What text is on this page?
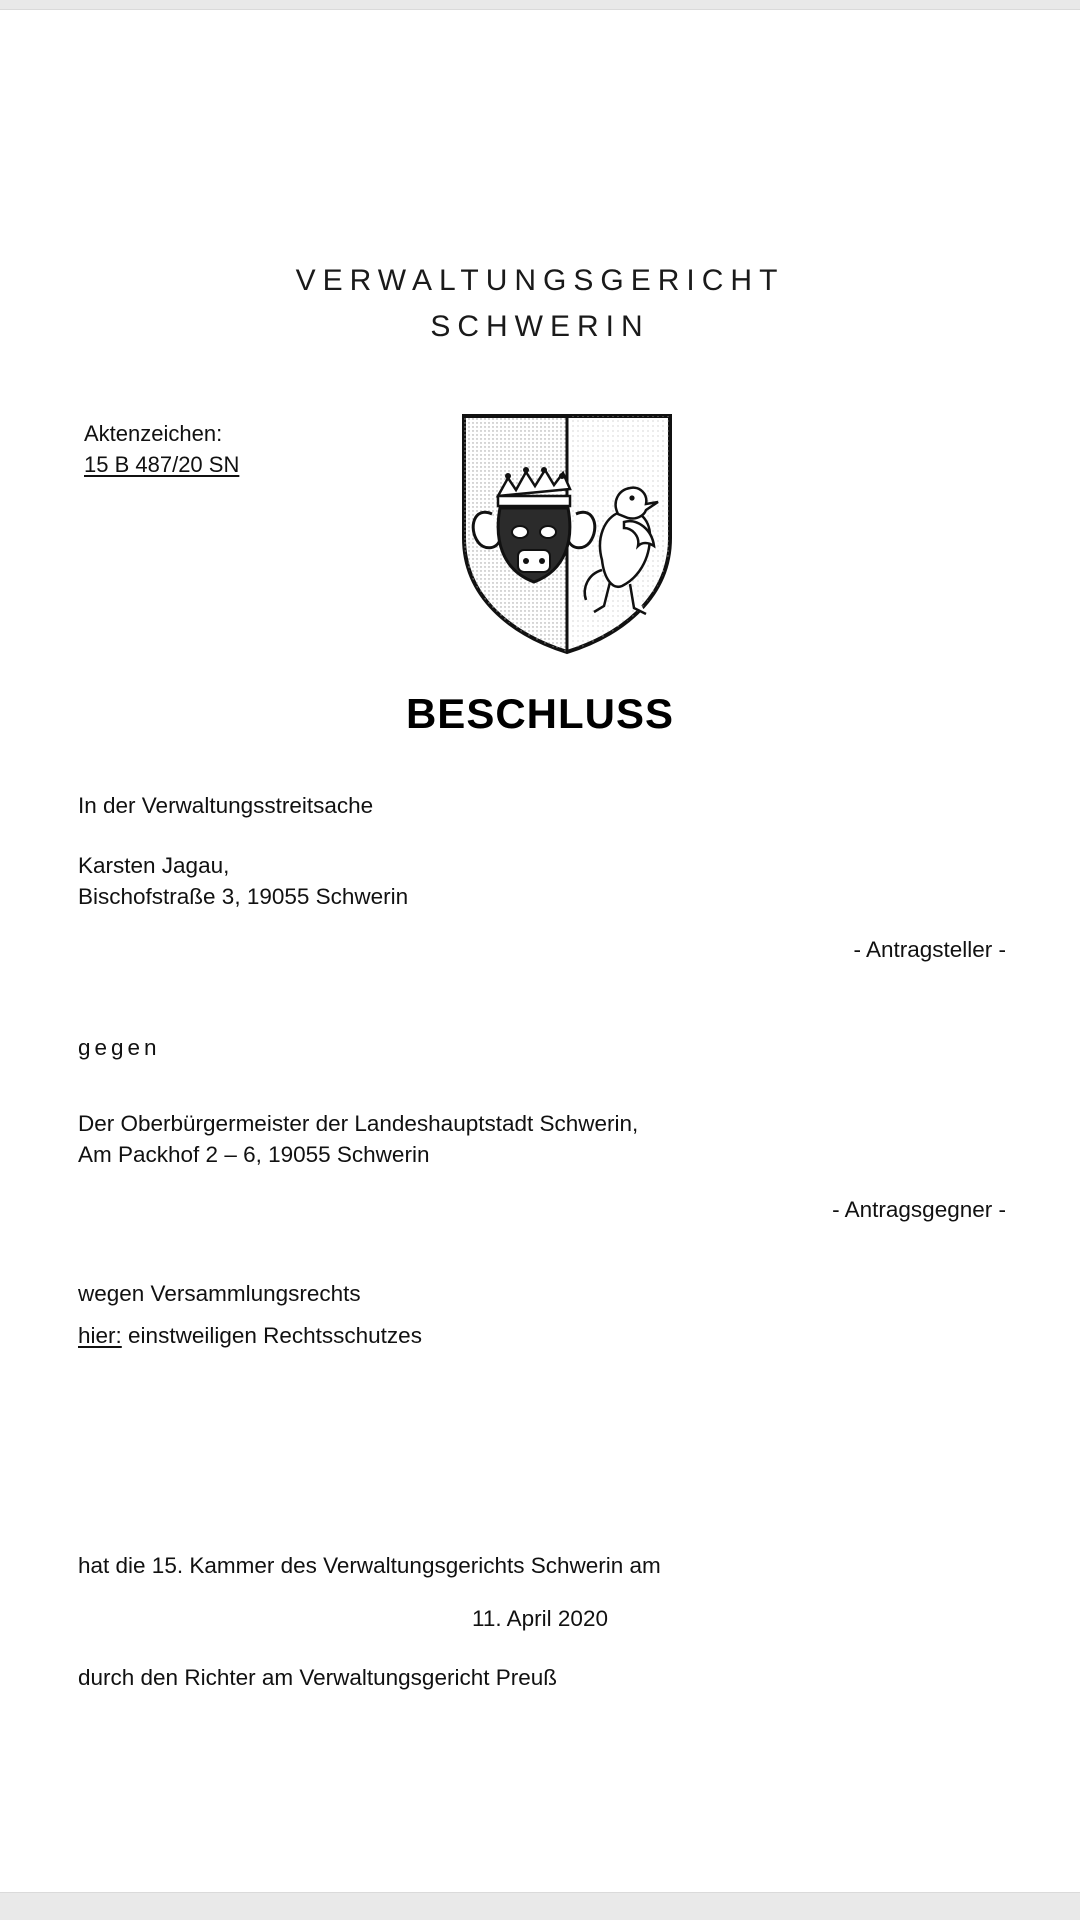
VERWALTUNGSGERICHT
SCHWERIN
Aktenzeichen:
15 B 487/20 SN
BESCHLUSS
In der Verwaltungsstreitsache
Karsten Jagau,
Bischofstraße 3, 19055 Schwerin
- Antragsteller -
gegen
Der Oberbürgermeister der Landeshauptstadt Schwerin,
Am Packhof 2 – 6, 19055 Schwerin
- Antragsgegner -
wegen Versammlungsrechts
hier: einstweiligen Rechtsschutzes
hat die 15. Kammer des Verwaltungsgerichts Schwerin am
11. April 2020
durch den Richter am Verwaltungsgericht Preuß
